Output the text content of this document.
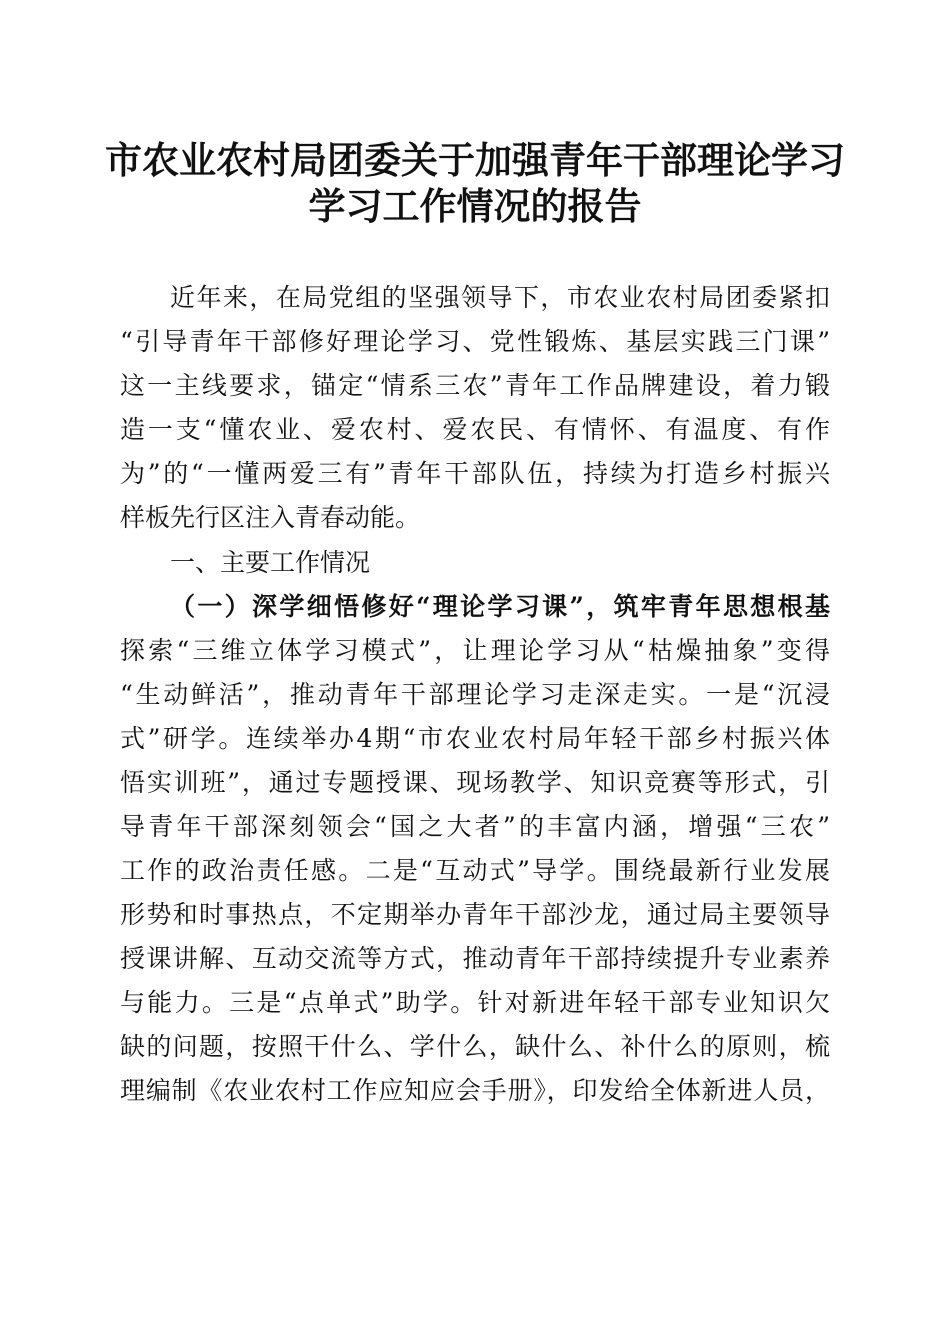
市农业农村局团委关于加强青年干部理论学习
学习工作情况的报告
近年来，在局党组的坚强领导下，市农业农村局团委紧扣
“引导青年干部修好理论学习、党性锻炼、基层实践三门课”
这一主线要求，锚定“情系三农”青年工作品牌建设，着力锻
造一支“懂农业、爱农村、爱农民、有情怀、有温度、有作
为”的“一懂两爱三有”青年干部队伍，持续为打造乡村振兴
样板先行区注入青春动能。
一、主要工作情况
（一）深学细悟修好“理论学习课”，筑牢青年思想根基
探索“三维立体学习模式”，让理论学习从“枯燥抽象”变得
“生动鲜活”，推动青年干部理论学习走深走实。一是“沉浸
式”研学。连续举办4期“市农业农村局年轻干部乡村振兴体
悟实训班”，通过专题授课、现场教学、知识竞赛等形式，引
导青年干部深刻领会“国之大者”的丰富内涵，增强“三农”
工作的政治责任感。二是“互动式”导学。围绕最新行业发展
形势和时事热点，不定期举办青年干部沙龙，通过局主要领导
授课讲解、互动交流等方式，推动青年干部持续提升专业素养
与能力。三是“点单式”助学。针对新进年轻干部专业知识欠
缺的问题，按照干什么、学什么，缺什么、补什么的原则，梳
理编制《农业农村工作应知应会手册》，印发给全体新进人员，
